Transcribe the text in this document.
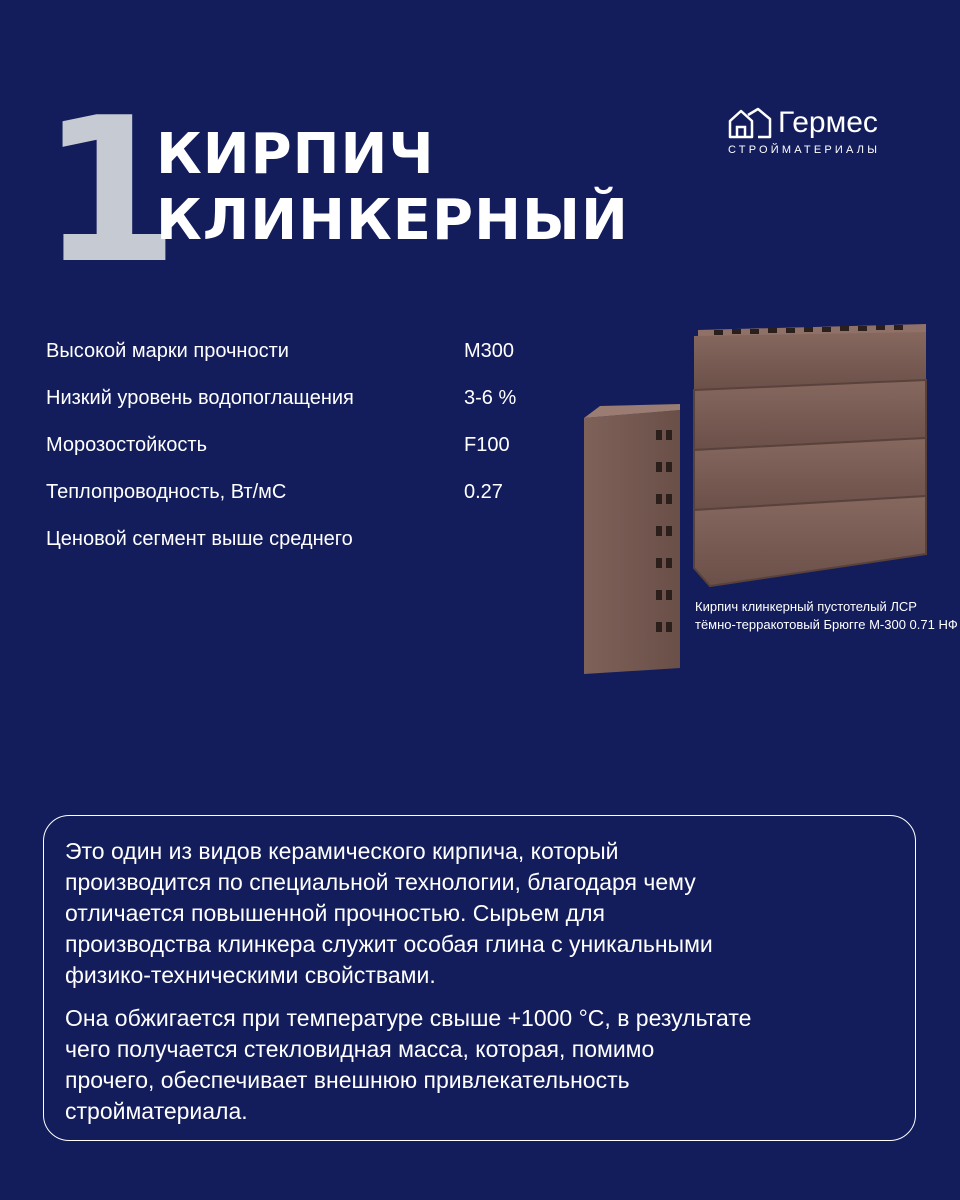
1
КИРПИЧ
КЛИНКЕРНЫЙ
Гермес
СТРОЙМАТЕРИАЛЫ
Высокой марки прочности	М300
Низкий уровень водопоглащения	3-6 %
Морозостойкость	F100
Теплопроводность, Вт/мС	0.27
Ценовой сегмент выше среднего
Кирпич клинкерный пустотелый ЛСР тёмно-терракотовый Брюгге М-300 0.71 НФ

Это один из видов керамического кирпича, который
производится по специальной технологии, благодаря чему
отличается повышенной прочностью. Сырьем для
производства клинкера служит особая глина с уникальными
физико-техническими свойствами.

Она обжигается при температуре свыше +1000 °С, в результате
чего получается стекловидная масса, которая, помимо
прочего, обеспечивает внешнюю привлекательность
стройматериала.
